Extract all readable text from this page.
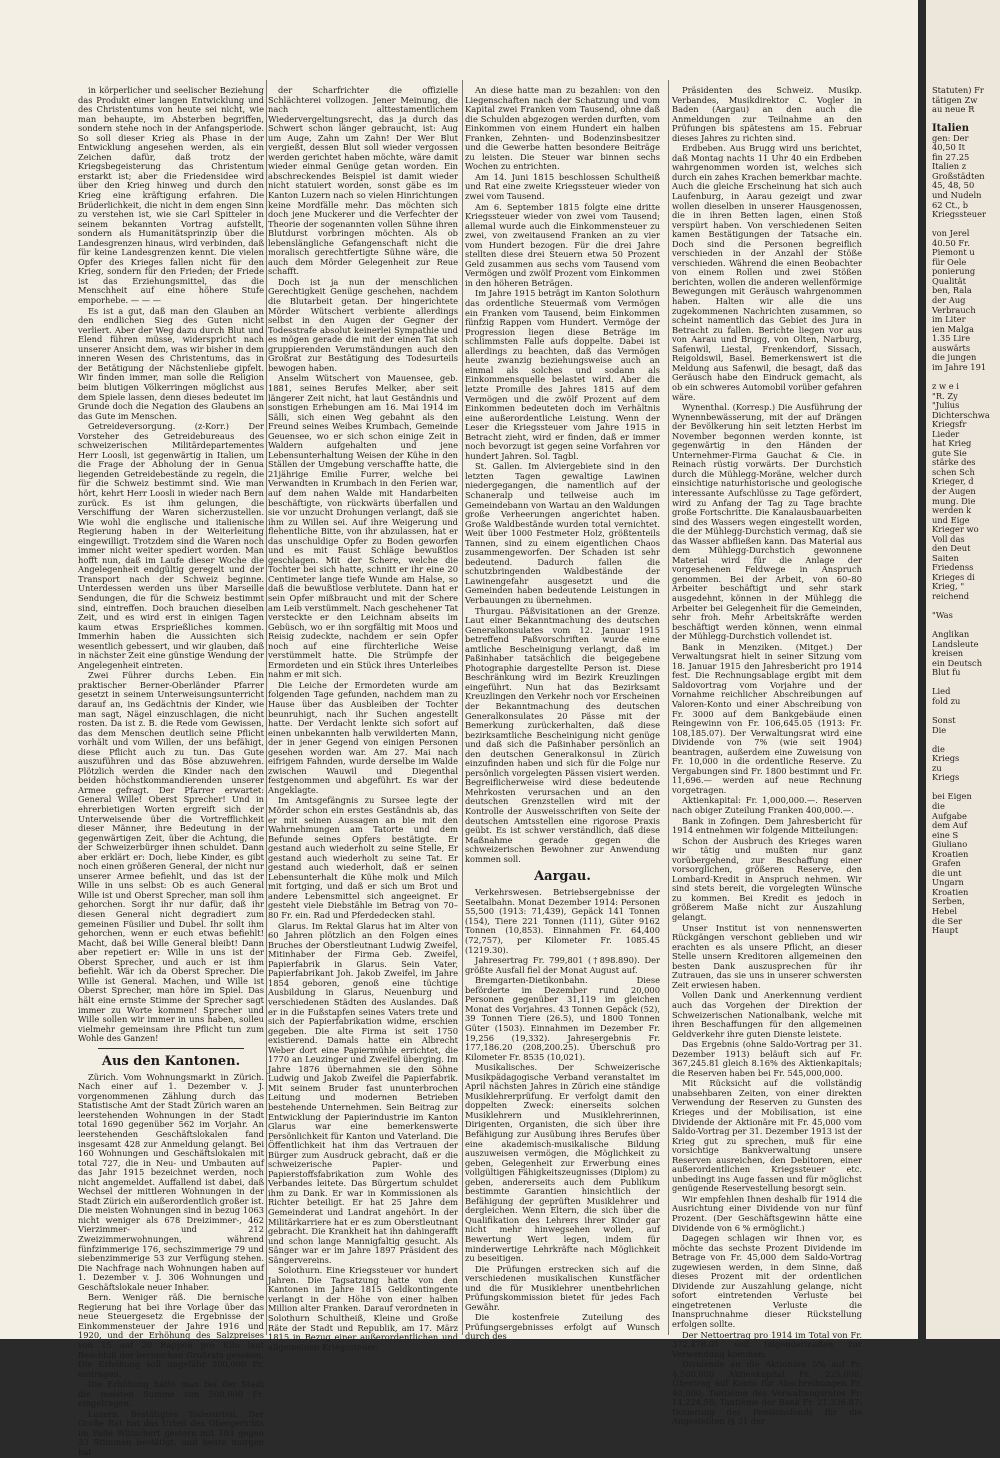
in körperlicher und seelischer Beziehung das Produkt einer langen Entwicklung und des Christentums von heute sei nicht, wie man behaupte, im Absterben begriffen, sondern stehe noch in der Anfangsperiode. So soll dieser Krieg als Phase in der Entwicklung angesehen werden, als ein Zeichen dafür, daß trotz der Kriegsbegeisterung das Christentum erstarkt ist; aber die Friedensidee wird über den Krieg hinweg und durch den Krieg eine kräftigung erfahren. Die Brüderlichkeit, die nicht in dem engen Sinn zu verstehen ist, wie sie Carl Spitteler in seinem bekannten Vortrag aufstellt, sondern als Humanitätsprinzip über die Landesgrenzen hinaus, wird verbinden, daß für keine Landesgrenzen kennt. Die vielen Opfer des Krieges fallen nicht für den Krieg, sondern für den Frieden; der Friede ist das Erziehungsmittel, das die Menschheit auf eine höhere Stufe emporhebe. — — —

Es ist a gut, daß man den Glauben an den endlichen Sieg des Guten nicht verliert. Aber der Weg dazu durch Blut und Elend führen müsse, widerspricht nach unserer Ansicht dem, was wir bisher in dem inneren Wesen des Christentums, das in der Betätigung der Nächstenliebe gipfelt. Wir finden immer, man solle die Religion beim blutigen Völkerringen möglichst aus dem Spiele lassen, denn dieses bedeutet im Grunde doch die Negation des Glaubens an das Gute im Menschen.

Getreideversorgung. (z-Korr.) Der Vorsteher des Getreidebureaus des schweizerischen Militärdepartementes Herr Loosli, ist gegenwärtig in Italien, um die Frage der Abholung der in Genua liegenden Getreidebestände zu regeln, die für die Schweiz bestimmt sind. Wie man hört, kehrt Herr Loosli in wieder nach Bern zurück. Es ist ihm gelungen, die Verschiffung der Waren sicherzustellen. Wie wohl die englische und italienische Regierung haben in der Weiterleitung eingewilligt. Trotzdem sind die Waren noch immer nicht weiter spediert worden. Man hofft nun, daß im Laufe dieser Woche die Angelegenheit endgültig geregelt und der Transport nach der Schweiz beginne. Unterdessen werden uns über Marseille Sendungen, die für die Schweiz bestimmt sind, eintreffen. Doch brauchen dieselben Zeit, und es wird erst in einigen Tagen kaum etwas Ersprießliches kommen. Immerhin haben die Aussichten sich wesentlich gebessert, und wir glauben, daß in nächster Zeit eine günstige Wendung der Angelegenheit eintreten.

Zwei Führer durchs Leben. Ein praktischer Berner-Oberländer Pfarrer gesetzt in seinem Unterweisungsunterricht darauf an, ins Gedächtnis der Kinder, wie man sagt, Nägel einzuschlagen, die nicht rosten. Da ist z. B. die Rede vom Gewissen, das dem Menschen deutlich seine Pflicht vorhält und vom Willen, der uns befähigt, diese Pflicht auch zu tun. Das Gute auszuführen und das Böse abzuwehren. Plötzlich werden die Kinder nach den beiden höchstkommandierenden unserer Armee gefragt. Der Pfarrer erwartet: General Wille! Oberst Sprecher! Und in ehrerbietigen Worten ergreift sich der Unterweisende über die Vortrefflichkeit dieser Männer, ihre Bedeutung in der gegenwärtigen Zeit, über die Achtung, die der Schweizerbürger ihnen schuldet. Dann aber erklärt er: Doch, liebe Kinder, es gibt noch einen größeren General, der nicht nur unserer Armee befiehlt, und das ist der Wille in uns selbst: Ob es auch General Wille ist und Oberst Sprecher, man soll ihm gehorchen. Sorgt ihr nur dafür, daß ihr diesen General nicht degradiert zum gemeinen Füsilier und Dubel. Ihr sollt ihm gehorchen, wenn er euch etwas befiehlt! Macht, daß bei Wille General bleibt! Dann aber repetiert er: Wille in uns ist der Oberst Sprecher, und auch er ist ihm befiehlt. Wär ich da Oberst Sprecher. Die Wille ist General. Machen, und Wille ist Oberst Sprecher, man höre im Spiel. Das hält eine ernste Stimme der Sprecher sagt immer zu Worte kommen! Sprecher und Wille sollen wir immer in uns haben, solleu vielmehr gemeinsam ihre Pflicht tun zum Wohle des Ganzen!

Aus den Kantonen.

Zürich. Vom Wohnungsmarkt in Zürich. Nach einer auf 1. Dezember v. J. vorgenommenen Zählung durch das Statistische Amt der Stadt Zürich waren an leerstehenden Wohnungen in der Stadt total 1690 gegenüber 562 im Vorjahr. An leerstehenden Geschäftslokalen fand insgesamt 428 zur Anmeldung gelangt. Bei 160 Wohnungen und Geschäftslokalen mit total 727, die in Neu- und Umbauten auf das Jahr 1915 bezeichnet werden, noch nicht angemeldet. Auffallend ist dabei, daß Wechsel der mittleren Wohnungen in der Stadt Zürich ein außerordentlich großer ist. Die meisten Wohnungen sind in bezug 1063 nicht weniger als 678 Dreizimmer-, 462 Vierzimmer- und 212 Zweizimmerwohnungen, während fünfzimmerige 176, sechszimmerige 79 und siebenzimmerige 53 zur Verfügung stehen. Die Nachfrage nach Wohnungen haben auf 1. Dezember v. J. 306 Wohnungen und Geschäftslokale neuer Inhaber.

Bern. Weniger räß. Die bernische Regierung hat bei ihre Vorlage über das neue Steuergesetz die Ergebnisse der Einkommensteuer der Jahre 1916 und 1920, und der Erhöhung des Salzpreises von 15 auf 20 Rappen pro Kilo laut Beschluß der bernischen Großrats gesehen. Die Erhöhung soll ungefähr 500,000 Fr. eintragen.

Die Erhöhung hätte man bei der Stadt die meisten Summe von 500,000 Fr. eingetragen.

Luzern. Bestätigtes Todesurteil. Der Große Rat hat das Urteil des Obergerichts im Falle Wütschert gestern mit 103 gegen 33 Stimmen bestätigt, und heute morgen hat

der Scharfrichter die offizielle Schlächterei vollzogen. Jener Meinung, die nach alttestamentlichem Wiedervergeltungsrecht, das ja durch das Schwert schon länger gebraucht, ist: Aug um Auge, Zahn um Zahn! Der Wer Blut vergießt, dessen Blut soll wieder vergossen werden gerichtet haben möchte, wäre damit wieder einmal Genüge getan worden. Ein abschreckendes Beispiel ist damit wieder nicht statuiert worden, sonst gäbe es im Kanton Luzern nach so vielen Hinrichtungen keine Mordfälle mehr. Das möchten sich doch jene Muckerer und die Verfechter der Theorie der sogenannten vollen Sühne ihren Blutdurst vorbringen möchten. Als ob lebenslängliche Gefangenschaft nicht die moralisch gerechtfertigte Sühne wäre, die auch dem Mörder Gelegenheit zur Reue schafft.

Doch ist ja nun der menschlichen Gerechtigkeit Genüge geschehen, nachdem die Blutarbeit getan. Der hingerichtete Mörder Wütschert verbiente allerdings selbst in den Augen der Gegner der Todesstrafe absolut keinerlei Sympathie und es mögen gerade die mit der einen Tat sich gruppierenden Verumständungen auch den Großrat zur Bestätigung des Todesurteils bewogen haben.

Anselm Wütschert von Mauensee, geb. 1881, seines Berufes Melker, aber seit längerer Zeit nicht, hat laut Geständnis und sonstigen Erhebungen am 16. Mai 1914 im Sälli, sich einen Weg gebahnt als den Freund seines Weibes Krumbach, Gemeinde Geuensee, wo er sich schon einige Zeit in Waldern aufgehalten und jene Lebensunterhaltung Weisen der Kühe in den Ställen der Umgebung verschaffte hatte, die 21jährige Emilie Furrer, welche bei Verwandten in Krumbach in den Ferien war, auf dem nahen Walde mit Handarbeiten beschäftigte, von rückwärts überfallen und sie vor unzucht Drohungen verlangt, daß sie ihm zu Willen sei. Auf ihre Weigerung und flehentliche Bitte, von ihr abzulassen, hat er das unschuldige Opfer zu Boden geworfen und es mit Faust Schläge bewußtlos geschlagen. Mit der Schere, welche die Tochter bei sich hatte, schnitt er ihr eine 20 Centimeter lange tiefe Wunde am Halse, so daß die bewußtlose verblutete. Dann hat er sein Opfer mißbraucht und mit der Schere am Leib verstümmelt. Nach geschehener Tat versteckte er den Leichnam abseits im Gebüsch, wo er ihn sorgfältig mit Moos und Reisig zudeckte, nachdem er sein Opfer noch auf eine fürchterliche Weise verstümmelt hatte. Die Strümpfe der Ermordeten und ein Stück ihres Unterleibes nahm er mit sich.

Die Leiche der Ermordeten wurde am folgenden Tage gefunden, nachdem man zu Hause über das Ausbleiben der Tochter beunruhigt, nach ihr Suchen angestellt hatte. Der Verdacht lenkte sich sofort auf einen unbekannten halb verwilderten Mann, der in jener Gegend von einigen Personen gesehen worden war. Am 27. Mai nach eifrigem Fahnden, wurde derselbe im Walde zwischen Wauwil und Diegenthal festgenommen und abgeführt. Es war der Angeklagte.

Im Amtsgefängnis zu Sursee legte der Mörder schon ein erstes Geständnis ab, das er mit seinen Aussagen an bie mit den Wahrnehmungen am Tatorte und dem Befunde seines Opfers bestätigte. Er gestand auch wiederholt zu seine Stelle, Er gestand auch wiederholt zu seine Tat. Er gestand auch wiederholt, daß er seinen Lebensunterhalt die Kühe molk und Milch mit fortging, und daß er sich um Brot und andere Lebensmittel sich angeeignet. Er gesteht viele Diebstähle im Betrag von 70–80 Fr. ein. Rad und Pferdedecken stahl.

Glarus. Im Rektal Glarus hat im Alter von 60 Jahren plötzlich an den Folgen eines Bruches der Oberstleutnant Ludwig Zweifel, Mitinhaber der Firma Geb. Zweifel, Papierfabrik in Glarus. Sein Vater, Papierfabrikant Joh. Jakob Zweifel, im Jahre 1854 geboren, genoß eine tüchtige Ausbildung in Glarus, Neuenburg und verschiedenen Städten des Auslandes. Daß er in die Fußstapfen seines Vaters trete und sich der Papierfabrikation widme, erschien gegeben. Die alte Firma ist seit 1750 existierend. Damals hatte ein Albrecht Weber dort eine Papiermühle errichtet, die 1770 an Leuzinger und Zweifel überging. Im Jahre 1876 übernahmen sie den Söhne Ludwig und Jakob Zweifel die Papierfabrik. Mit seinem Bruder fast ununterbrochen Leitung und modernen Betrieben bestehende Unternehmen. Sein Beitrag zur Entwicklung der Papierindustrie im Kanton Glarus war eine bemerkenswerte Persönlichkeit für Kanton und Vaterland. Die Öffentlichkeit hat ihm das Vertrauen der Bürger zum Ausdruck gebracht, daß er die schweizerische Papier- und Papierstoffsfabrikation zum Wohle des Verbandes leitete. Das Bürgertum schuldet ihm zu Dank. Er war in Kommissionen als Richter beteiligt. Er hat 25 Jahre dem Gemeinderat und Landrat angehört. In der Militärkarriere hat er es zum Oberstleutnant gebracht. Die Krankheit hat ihn dahingerafft und schon lange Mannigfaltig gesucht. Als Sänger war er im Jahre 1897 Präsident des Sängervereins.

Solothurn. Eine Kriegssteuer vor hundert Jahren. Die Tagsatzung hatte von den Kantonen im Jahre 1815 Geldkontingente verlangt in der Höhe von einer halben Million alter Franken. Darauf verordneten in Solothurn Schultheiß, Kleine und Große Räte der Stadt und Republik, am 17. März 1815 in Bezug einer außerordentlichen und allgemeinen Kriegssteuer:

An diese hatte man zu bezahlen: von den Liegenschaften nach der Schatzung und vom Kapital zwei Franken vom Tausend, ohne daß die Schulden abgezogen werden durften, vom Einkommen von einem Hundert ein halben Franken, Zehnten- und Bodenzinsbesitzer und die Gewerbe hatten besondere Beiträge zu leisten. Die Steuer war binnen sechs Wochen zu entrichten.

Am 14. Juni 1815 beschlossen Schultheiß und Rat eine zweite Kriegssteuer wieder von zwei vom Tausend.

Am 6. September 1815 folgte eine dritte Kriegssteuer wieder von zwei vom Tausend; allemal wurde auch die Einkommensteuer zu zwei, von zweitausend Franken an zu vier vom Hundert bezogen. Für die drei Jahre stellten diese drei Steuern etwa 50 Prozent Geld zusammen aus sechs vom Tausend vom Vermögen und zwölf Prozent vom Einkommen in den höheren Beträgen.

Im Jahre 1915 beträgt im Kanton Solothurn das ordentliche Steuermaß vom Vermögen ein Franken vom Tausend, beim Einkommen fünfzig Rappen vom Hundert. Vermöge der Progression liegen diese Beträge im schlimmsten Falle aufs doppelte. Dabei ist allerdings zu beachten, daß das Vermögen heute zwanzig beziehungsweise auch an einmal als solches und sodann als Einkommensquelle belastet wird. Aber die letzte Promille des Jahres 1815 auf dem Vermögen und die zwölf Prozent auf dem Einkommen bedeuteten doch im Verhältnis eine außerordentliche Leistung. Wenn der Leser die Kriegssteuer vom Jahre 1915 in Betracht zieht, wird er finden, daß er immer noch bevorzugt ist gegen seine Vorfahren vor hundert Jahren. Sol. Tagbl.

St. Gallen. Im Alviergebiete sind in den letzten Tagen gewaltige Lawinen niedergegangen, die namentlich auf der Schaneralp und teilweise auch im Gemeindebann von Wartau an den Waldungen große Verheerungen angerichtet haben. Große Waldbestände wurden total vernichtet. Weit über 1000 Festmeter Holz, größtenteils Tannen, sind zu einem eigentlichen Chaos zusammengeworfen. Der Schaden ist sehr bedeutend. Dadurch fallen die schutzbringenden Waldbestände der Lawinengefahr ausgesetzt und die Gemeinden haben bedeutende Leistungen in Verbauungen zu übernehmen.

Thurgau. Päßvisitationen an der Grenze. Laut einer Bekanntmachung des deutschen Generalkonsulates vom 12. Januar 1915 betreffend Paßvorschriften wurde eine amtliche Bescheinigung verlangt, daß im Paßinhaber tatsächlich die beigegebene Photographie dargestellte Person ist. Diese Beschränkung wird im Bezirk Kreuzlingen eingeführt. Nun hat das Bezirksamt Kreuzlingen den Verkehr noch vor Erscheinen der Bekanntmachung des deutschen Generalkonsulates 20 Pässe mit der Bemerkung zurückerhalten, daß diese bezirksamtliche Bescheinigung nicht genüge und daß sich die Paßinhaber persönlich an den deutschen Generalkonsul in Zürich einzufinden haben und sich für die Folge nur persönlich vorgelegten Pässen visiert werden. Begreiflicherweise wird diese bedeutende Mehrkosten verursachen und an den deutschen Grenzstellen wird mit der Kontrolle der Ausweisschriften von Seite der deutschen Amtsstellen eine rigorose Praxis geübt. Es ist schwer verständlich, daß diese Maßnahme gerade gegen die schweizerischen Bewohner zur Anwendung kommen soll.

Aargau.

Verkehrswesen. Betriebsergebnisse der Seetalbahn. Monat Dezember 1914: Personen 55,500 (1913: 71,439), Gepäck 141 Tonnen (154), Tiere 221 Tonnen (111), Güter 9162 Tonnen (10,853). Einnahmen Fr. 64,400 (72,757), per Kilometer Fr. 1085.45 (1219.30).

Jahresertrag Fr. 799,801 (†898.890). Der größte Ausfall fiel der Monat August auf.

Bremgarten-Dietikonbahn. Diese beförderte im Dezember rund 20,000 Personen gegenüber 31,119 im gleichen Monat des Vorjahres. 43 Tonnen Gepäck (52), 39 Tonnen Tiere (26.5), und 1800 Tonnen Güter (1503). Einnahmen im Dezember Fr. 19,256 (19,332). Jahresergebnis Fr. 177,186.20 (208,200.25). Überschuß pro Kilometer Fr. 8535 (10,021).

Musikalisches. Der Schweizerische Musikpädagogische Verband veranstaltet im April nächsten Jahres in Zürich eine ständige Musiklehrerprüfung. Er verfolgt damit den doppelten Zweck: einerseits solchen Musiklehrern und Musiklehrerinnen, Dirigenten, Organisten, die sich über ihre Befähigung zur Ausübung ihres Berufes über eine akademisch-musikalische Bildung auszuweisen vermögen, die Möglichkeit zu geben, Gelegenheit zur Erwerbung eines vollgültigen Fähigkeitszeugnisses (Diplom) zu geben, andererseits auch dem Publikum bestimmte Garantien hinsichtlich der Befähigung der geprüften Musiklehrer und dergleichen. Wenn Eltern, die sich über die Qualifikation des Lehrers ihrer Kinder gar nicht mehr hinwegsehen wollen, auf Bewertung Wert legen, indem für minderwertige Lehrkräfte nach Möglichkeit zu beseitigen.

Die Prüfungen erstrecken sich auf die verschiedenen musikalischen Kunstfächer und die für Musiklehrer unentbehrlichen Prüfungskommission bietet für jedes Fach Gewähr.

Die kostenfreie Zuteilung des Prüfungsergebnisses erfolgt auf Wunsch durch des

Präsidenten des Schweiz. Musikp. Verbandes, Musikdirektor C. Vogler in Baden (Aargau) an den auch die Anmeldungen zur Teilnahme an den Prüfungen bis spätestens am 15. Februar dieses Jahres zu richten sind.

Erdbeben. Aus Brugg wird uns berichtet, daß Montag nachts 11 Uhr 40 ein Erdbeben wahrgenommen worden ist, welches sich durch ein zahes Krachen bemerkbar machte. Auch die gleiche Erscheinung hat sich auch Laufenburg, in Aarau gezeigt und zwar wollen dieselben in unserer Hausgenossen, die in ihren Betten lagen, einen Stoß verspürt haben. Von verschiedenen Seiten kamen Bestätigungen der Tatsache ein. Doch sind die Personen begreiflich verschieden in der Anzahl der Stöße verschieden. Während die einen Beobachter von einem Rollen und zwei Stößen berichten, wollen die anderen wellenförmige Bewegungen mit Geräusch wahrgenommen haben. Halten wir alle die uns zugekommenen Nachrichten zusammen, so scheint namentlich das Gebiet des Jura in Betracht zu fallen. Berichte liegen vor aus von Aarau und Brugg, von Olten, Narburg, Safenwil, Liestal, Frenkendorf, Sissach, Reigoldswil, Basel. Bemerkenswert ist die Meldung aus Safenwil, die besagt, daß das Geräusch habe den Eindruck gemacht, als ob ein schweres Automobil vorüber gefahren wäre.

Wynenthal. (Korresp.) Die Ausführung der Wynennbewässerung, mit der auf Drängen der Bevölkerung hin seit letzten Herbst im November begonnen werden konnte, ist gegenwärtig in den Händen der Unternehmer-Firma Gauchat & Cie. in Reinach rüstig vorwärts. Der Durchstich durch die Mühlegg-Moräne, welcher durch einsichtige naturhistorische und geologische interessante Aufschlüsse zu Tage gefördert, wird zu Anfang der Tag zu Tage brachte große Fortschritte. Die Kanalausbauarbeiten sind des Wassers wegen eingestellt worden, die der Mühlegg-Durchstich vermag, daß sie das Wasser abfließen kann. Das Material aus dem Mühlegg-Durchstich gewonnene Material wird für die Anlage der vorgesehenen Feldwege in Anspruch genommen. Bei der Arbeit, von 60–80 Arbeiter beschäftigt und sehr stark ausgedehnt, können in der Mühlegg die Arbeiter bei Gelegenheit für die Gemeinden, sehr froh. Mehr Arbeitskräfte werden beschäftigt werden können, wenn einmal der Mühlegg-Durchstich vollendet ist.

Bank in Menziken. (Mitget.) Der Verwaltungsrat hielt in seiner Sitzung vom 18. Januar 1915 den Jahresbericht pro 1914 fest. Die Rechnungsablage ergibt mit dem Saldovortrag vom Vorjahre und der Vornahme reichlicher Abschreibungen auf Valoren-Konto und einer Abschreibung von Fr. 3000 auf dem Bankgebäude einen Reingewinn von Fr. 106,645.05 (1913: Fr. 108,185.07). Der Verwaltungsrat wird eine Dividende von 7% (wie seit 1904) beantragen, außerdem eine Zuweisung von Fr. 10,000 in die ordentliche Reserve. Zu Vergabungen sind Fr. 1800 bestimmt und Fr. 11,696.— werden auf neue Rechnung vorgetragen.

Aktienkapital: Fr. 1,000,000.—. Reserven nach obiger Zuteilung Franken 400,000.—.

Bank in Zofingen. Dem Jahresbericht für 1914 entnehmen wir folgende Mitteilungen:

Schon der Ausbruch des Krieges waren wir tätig und mußten nur ganz vorübergehend, zur Beschaffung einer vorsorglichen, größeren Reserve, den Lombard-Kredit in Anspruch nehmen. Wir sind stets bereit, die vorgelegten Wünsche zu kommen. Bei Kredit es jedoch in größerem Maße nicht zur Auszahlung gelangt.

Unser Institut ist von nennenswerten Rückgängen verschont geblieben und wir erachten es als unsere Pflicht, an dieser Stelle unsern Kreditoren allgemeinen den besten Dank auszusprechen für ihr Zutrauen, das sie uns in unserer schwersten Zeit erwiesen haben.

Vollen Dank und Anerkennung verdient auch das Vorgehen der Direktion der Schweizerischen Nationalbank, welche mit ihren Beschaffungen für den allgemeinen Geldverkehr ihre guten Dienste leistete.

Das Ergebnis (ohne Saldo-Vortrag per 31. Dezember 1913) beläuft sich auf Fr. 367,245.81 gleich 8.16% des Aktienkapitals; die Reserven haben bei Fr. 545,000,000.

Mit Rücksicht auf die vollständig unabsehbaren Zeiten, von einer direkten Verwendung der Reserven zu Gunsten des Krieges und der Mobilisation, ist eine Dividende der Aktionäre mit Fr. 45,000 vom Saldo-Vortrag per 31. Dezember 1913 ist der Krieg gut zu sprechen, muß für eine vorsichtige Bankverwaltung unsere Reserven ausreichen, den Debitoren, einer außerordentlichen Kriegssteuer etc. unbedingt ins Auge fassen und für möglichst genügende Reservestellung besorgt sein.

Wir empfehlen Ihnen deshalb für 1914 die Ausrichtung einer Dividende von nur fünf Prozent. (Der Geschäftsgewinn hätte eine Dividende von 6 % ermöglicht.)

Dagegen schlagen wir Ihnen vor, es möchte das sechste Prozent Dividende im Betrage von Fr. 45,000 dem Saldo-Vortrag zugewiesen werden, in dem Sinne, daß dieses Prozent mit der ordentlichen Dividende zur Auszahlung gelange, nicht sofort eintretenden Verluste bei eingetretenen Verluste die Inanspruchnahme dieser Rückstellung erfolgen sollte.

Der Nettoertrag pro 1914 im Total von Fr. 372,478.01 soll folgendermaßen zur Verwendung kommen:

Dividende an die Aktionäre 5% auf Fr. 4,500,000 Aktienkapital Fr. 225,000; Übertrag auf Konto für Abschreibungen Fr. 40,000; Tantième des Verwaltungsrates Fr. 14,224.58; Tantième der Bank Fr. 21,336.87; Dotierung des Pensionsfonds für die Angestellten (§ 31 der

Statuten) Fr
tätigen Zw
au neue R
Italien
gen: Der
40,50 It
fin 27.25
Italien z
Großstädten
45, 48, 50
und Nudeln
62 Ct., b
Kriegssteuer
von Jerel
40.50 Fr.
Piemont u
für Oele
ponierung
Qualität
ben, Rala
der Aug
Verbrauch
im Liter
ien Malga
1.35 Lire
auswärts
die jungen
im Jahre 191
z w e i
"R. Zy
"Julius
Dichterschwa
Kriegsfr
Lieder
hat Krieg
gute Sie
stärke des
schen Sch
Krieger, d
der Augen
mung. Die
werden k
und Eige
Krieger wo
Voll das
den Deut
Saiten
Friedenss
Krieges di
Krieg, "
reichend
"Was
Anglikan
Landsleute
kreisen
ein Deutsch
Blut fu
Lied
fold zu
Sonst
Die
die
Kriegs
zu
Kriegs
bei Eigen
die
Aufgabe
dem Auf
eine S
Giuliano
Kroatien
Grafen
die unt
Ungarn
Kroatien
Serben,
Hebel
die Ser
Haupt
